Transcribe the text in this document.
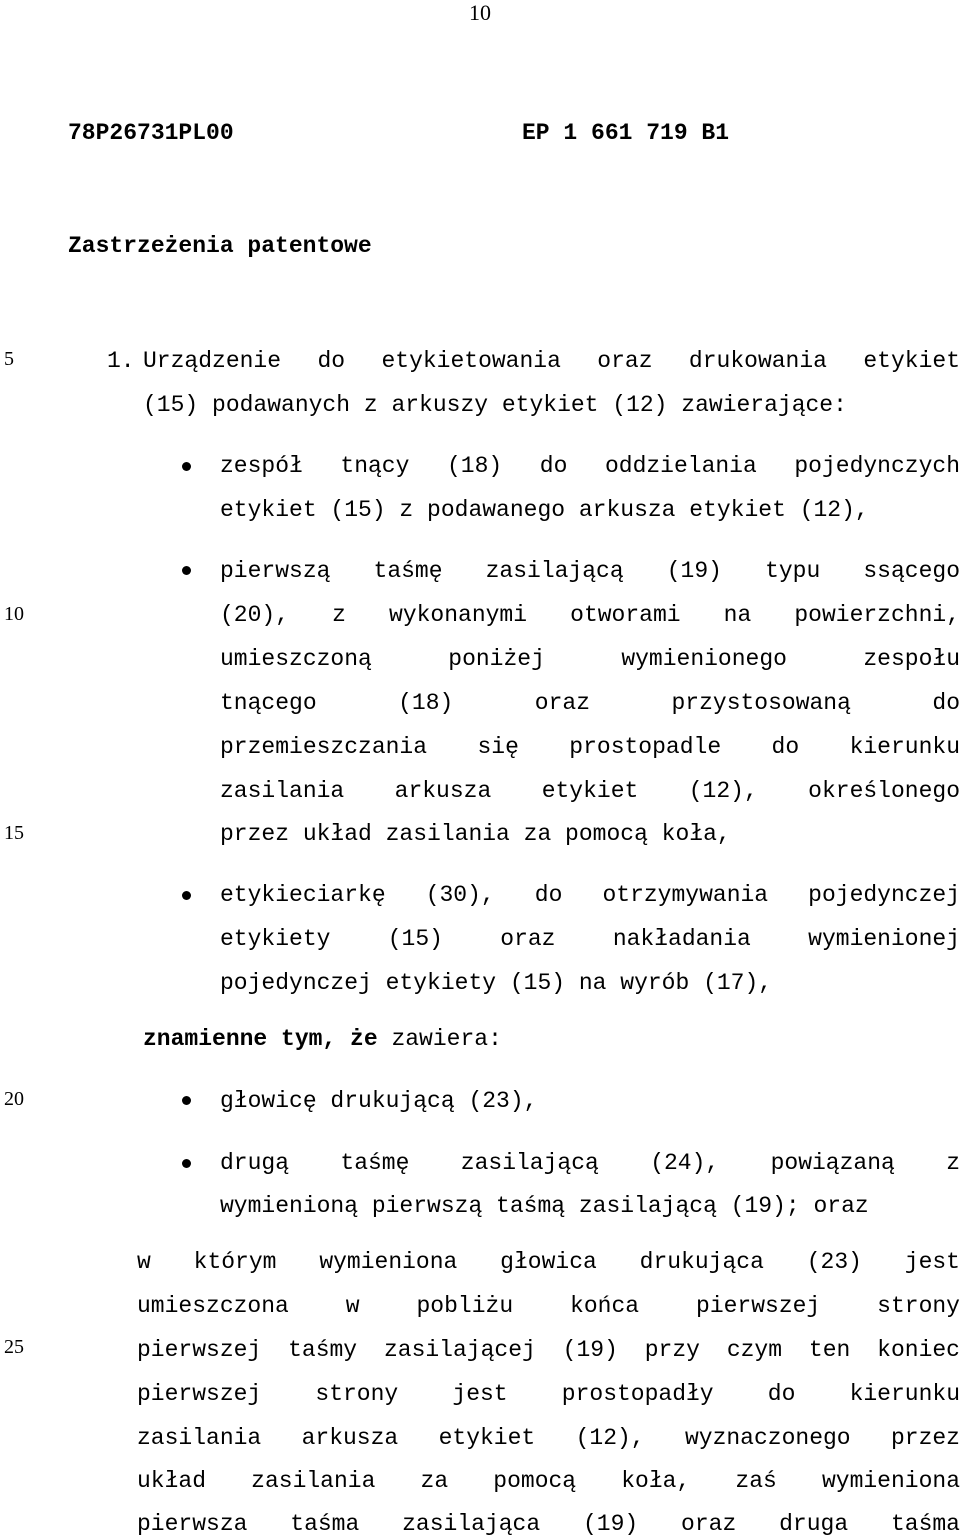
10
78P26731PL00	EP 1 661 719 B1
Zastrzeżenia patentowe
5
10
15
20
25
1. Urządzenie do etykietowania oraz drukowania etykiet
(15) podawanych z arkuszy etykiet (12) zawierające:
zespół tnący (18) do oddzielania pojedynczych
etykiet (15) z podawanego arkusza etykiet (12),
pierwszą taśmę zasilającą (19) typu ssącego
(20), z wykonanymi otworami na powierzchni,
umieszczoną poniżej wymienionego zespołu
tnącego (18) oraz przystosowaną do
przemieszczania się prostopadle do kierunku
zasilania arkusza etykiet (12), określonego
przez układ zasilania za pomocą koła,
etykieciarkę (30), do otrzymywania pojedynczej
etykiety (15) oraz nakładania wymienionej
pojedynczej etykiety (15) na wyrób (17),
znamienne tym, że zawiera:
głowicę drukującą (23),
drugą taśmę zasilającą (24), powiązaną z
wymienioną pierwszą taśmą zasilającą (19); oraz
w którym wymieniona głowica drukująca (23) jest
umieszczona w pobliżu końca pierwszej strony
pierwszej taśmy zasilającej (19) przy czym ten koniec
pierwszej strony jest prostopadły do kierunku
zasilania arkusza etykiet (12), wyznaczonego przez
układ zasilania za pomocą koła, zaś wymieniona
pierwsza taśma zasilająca (19) oraz druga taśma
